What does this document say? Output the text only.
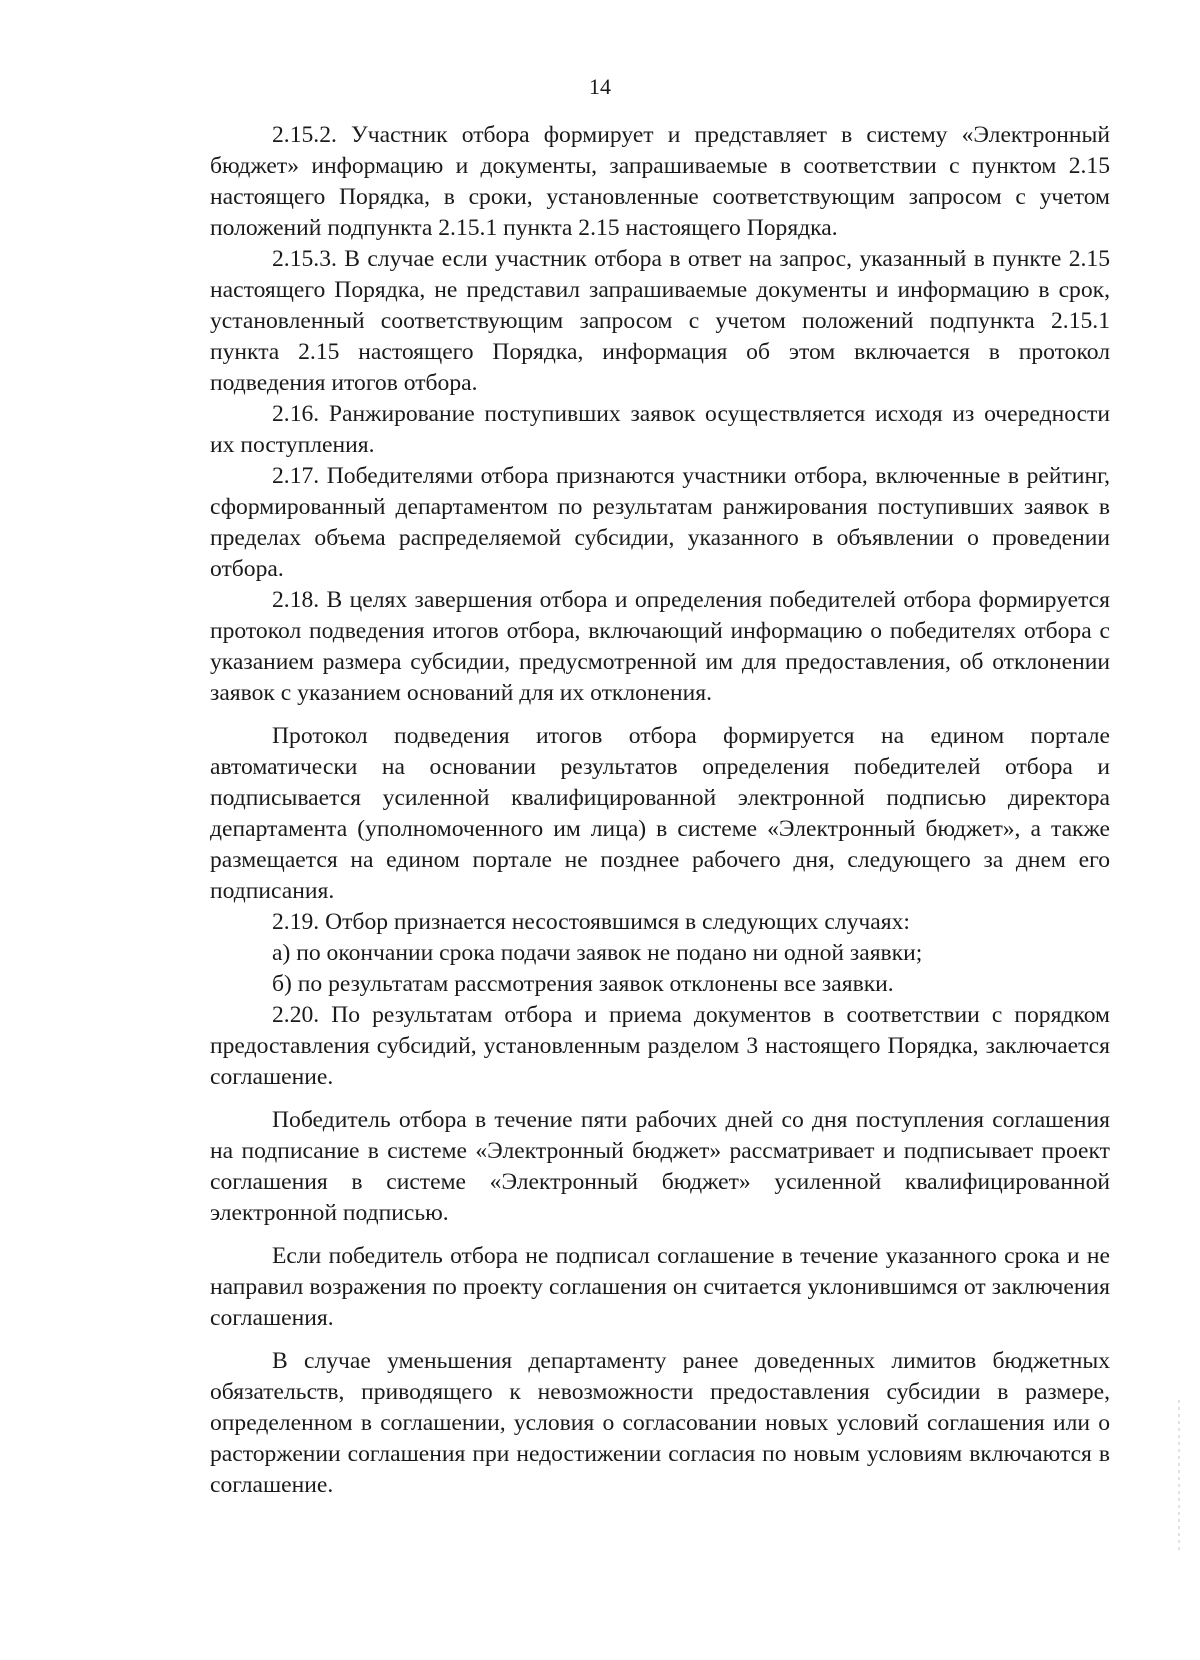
14

2.15.2. Участник отбора формирует и представляет в систему «Электронный бюджет» информацию и документы, запрашиваемые в соответствии с пунктом 2.15 настоящего Порядка, в сроки, установленные соответствующим запросом с учетом положений подпункта 2.15.1 пункта 2.15 настоящего Порядка.

2.15.3. В случае если участник отбора в ответ на запрос, указанный в пункте 2.15 настоящего Порядка, не представил запрашиваемые документы и информацию в срок, установленный соответствующим запросом с учетом положений подпункта 2.15.1 пункта 2.15 настоящего Порядка, информация об этом включается в протокол подведения итогов отбора.

2.16. Ранжирование поступивших заявок осуществляется исходя из очередности их поступления.

2.17. Победителями отбора признаются участники отбора, включенные в рейтинг, сформированный департаментом по результатам ранжирования поступивших заявок в пределах объема распределяемой субсидии, указанного в объявлении о проведении отбора.

2.18. В целях завершения отбора и определения победителей отбора формируется протокол подведения итогов отбора, включающий информацию о победителях отбора с указанием размера субсидии, предусмотренной им для предоставления, об отклонении заявок с указанием оснований для их отклонения.

Протокол подведения итогов отбора формируется на едином портале автоматически на основании результатов определения победителей отбора и подписывается усиленной квалифицированной электронной подписью директора департамента (уполномоченного им лица) в системе «Электронный бюджет», а также размещается на едином портале не позднее рабочего дня, следующего за днем его подписания.

2.19. Отбор признается несостоявшимся в следующих случаях:

а) по окончании срока подачи заявок не подано ни одной заявки;

б) по результатам рассмотрения заявок отклонены все заявки.

2.20. По результатам отбора и приема документов в соответствии с порядком предоставления субсидий, установленным разделом 3 настоящего Порядка, заключается соглашение.

Победитель отбора в течение пяти рабочих дней со дня поступления соглашения на подписание в системе «Электронный бюджет» рассматривает и подписывает проект соглашения в системе «Электронный бюджет» усиленной квалифицированной электронной подписью.

Если победитель отбора не подписал соглашение в течение указанного срока и не направил возражения по проекту соглашения он считается уклонившимся от заключения соглашения.

В случае уменьшения департаменту ранее доведенных лимитов бюджетных обязательств, приводящего к невозможности предоставления субсидии в размере, определенном в соглашении, условия о согласовании новых условий соглашения или о расторжении соглашения при недостижении согласия по новым условиям включаются в соглашение.
